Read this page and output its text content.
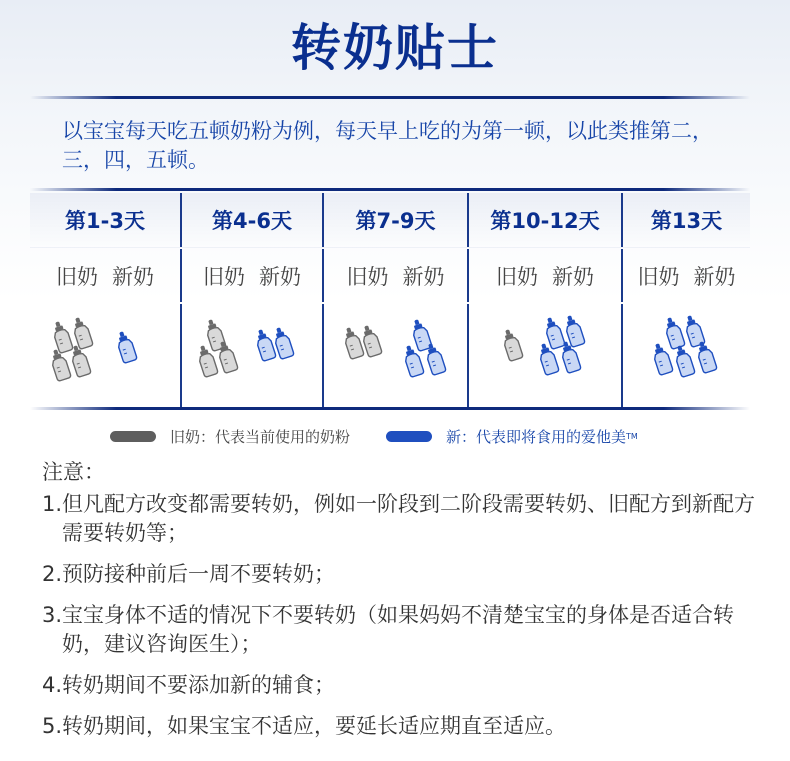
转奶贴士
以宝宝每天吃五顿奶粉为例，每天早上吃的为第一顿，以此类推第二，三，四，五顿。
第1-3天	第4-6天	第7-9天	第10-12天	第13天
旧奶 新奶	旧奶 新奶	旧奶 新奶	旧奶 新奶	旧奶 新奶

旧奶：代表当前使用的奶粉	新：代表即将食用的爱他美 TM
注意：
1.但凡配方改变都需要转奶，例如一阶段到二阶段需要转奶、旧配方到新配方需要转奶等；
2.预防接种前后一周不要转奶；
3.宝宝身体不适的情况下不要转奶（如果妈妈不清楚宝宝的身体是否适合转奶，建议咨询医生）；
4.转奶期间不要添加新的辅食；
5.转奶期间，如果宝宝不适应，要延长适应期直至适应。
